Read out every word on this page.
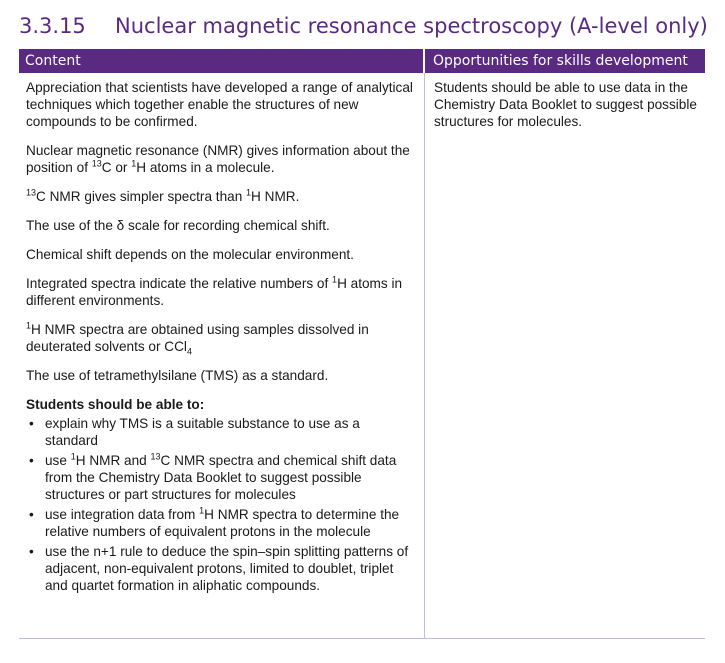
3.3.15	Nuclear magnetic resonance spectroscopy (A-level only)
Content	Opportunities for skills development

Appreciation that scientists have developed a range of analytical techniques which together enable the structures of new compounds to be confirmed.

Nuclear magnetic resonance (NMR) gives information about the position of $^{13}$C or $^1$H atoms in a molecule.

$^{13}$C NMR gives simpler spectra than $^1$H NMR.

The use of the δ scale for recording chemical shift.

Chemical shift depends on the molecular environment.

Integrated spectra indicate the relative numbers of $^1$H atoms in different environments.

$^1$H NMR spectra are obtained using samples dissolved in deuterated solvents or CCl$_4$

The use of tetramethylsilane (TMS) as a standard.

Students should be able to:

• explain why TMS is a suitable substance to use as a standard
• use $^1$H NMR and $^{13}$C NMR spectra and chemical shift data from the Chemistry Data Booklet to suggest possible structures or part structures for molecules
• use integration data from $^1$H NMR spectra to determine the relative numbers of equivalent protons in the molecule
• use the n+1 rule to deduce the spin–spin splitting patterns of adjacent, non-equivalent protons, limited to doublet, triplet and quartet formation in aliphatic compounds.

Students should be able to use data in the Chemistry Data Booklet to suggest possible structures for molecules.
